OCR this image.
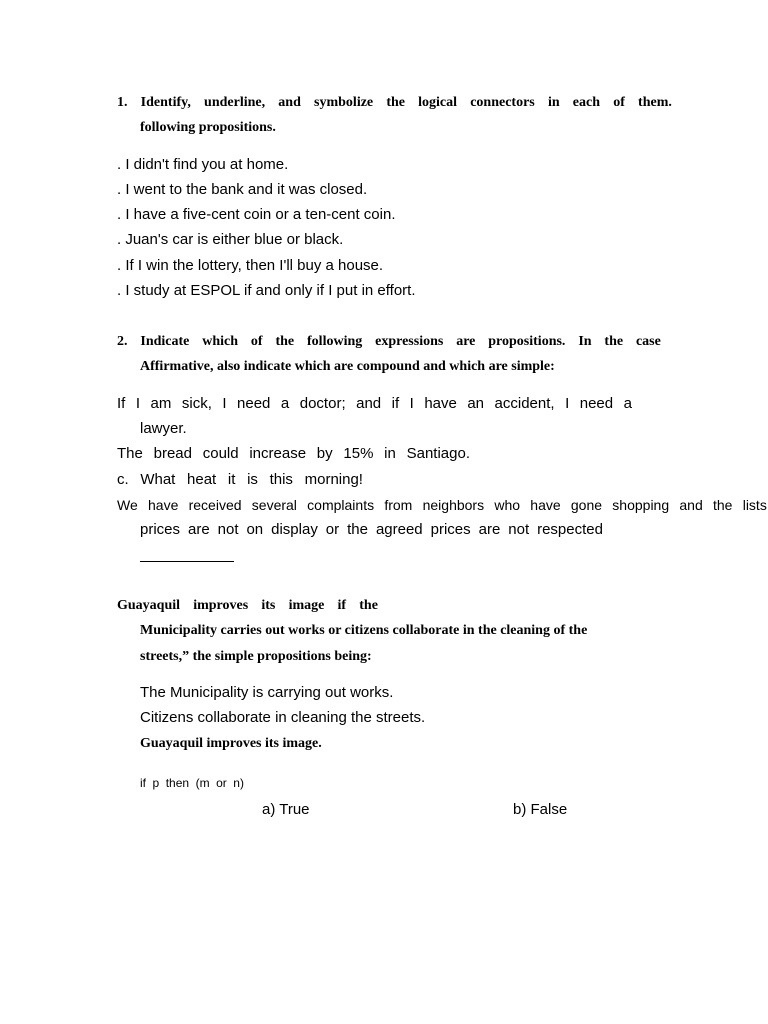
1. Identify, underline, and symbolize the logical connectors in each of them.
following propositions.
. I didn't find you at home.
. I went to the bank and it was closed.
. I have a five-cent coin or a ten-cent coin.
. Juan's car is either blue or black.
. If I win the lottery, then I'll buy a house.
. I study at ESPOL if and only if I put in effort.
2. Indicate which of the following expressions are propositions. In the case
Affirmative, also indicate which are compound and which are simple:
If I am sick, I need a doctor; and if I have an accident, I need a
lawyer.
The bread could increase by 15% in Santiago.
c. What heat it is this morning!
We have received several complaints from neighbors who have gone shopping and the lists
prices are not on display or the agreed prices are not respected
Guayaquil improves its image if the
Municipality carries out works or citizens collaborate in the cleaning of the
streets,” the simple propositions being:
The Municipality is carrying out works.
Citizens collaborate in cleaning the streets.
Guayaquil improves its image.
if p then (m or n)
a) True	b) False
